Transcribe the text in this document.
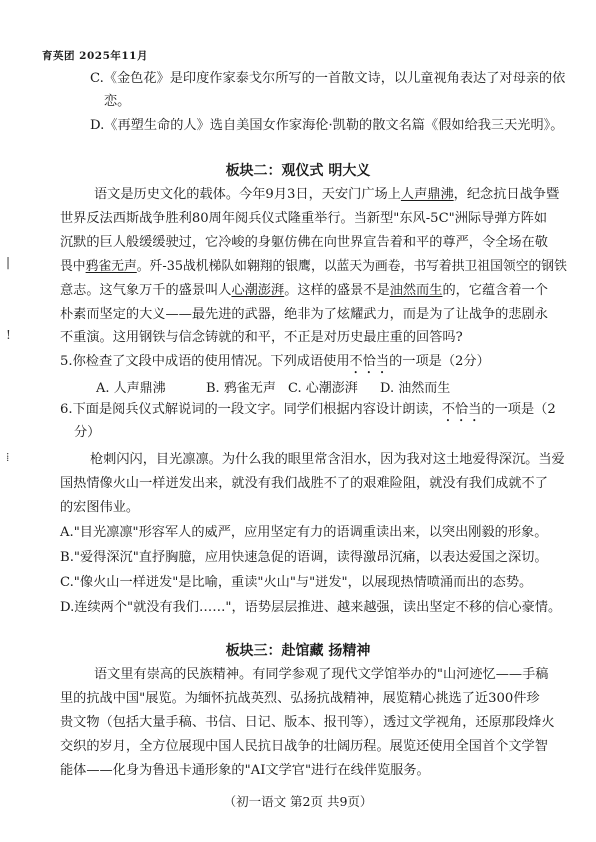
育英团 2025年11月
C.《金色花》是印度作家泰戈尔所写的一首散文诗，以儿童视角表达了对母亲的依
恋。
D.《再塑生命的人》选自美国女作家海伦·凯勒的散文名篇《假如给我三天光明》。
板块二：观仪式 明大义
语文是历史文化的载体。今年9月3日，天安门广场上人声鼎沸，纪念抗日战争暨
世界反法西斯战争胜利80周年阅兵仪式隆重举行。当新型"东风-5C"洲际导弹方阵如
沉默的巨人般缓缓驶过，它冷峻的身躯仿佛在向世界宣告着和平的尊严，令全场在敬
|	畏中鸦雀无声。歼-35战机梯队如翱翔的银鹰，以蓝天为画卷，书写着拱卫祖国领空的钢铁
意志。这气象万千的盛景叫人心潮澎湃。这样的盛景不是油然而生的，它蕴含着一个
朴素而坚定的大义——最先进的武器，绝非为了炫耀武力，而是为了让战争的悲剧永
!	不重演。这用钢铁与信念铸就的和平，不正是对历史最庄重的回答吗?
5.你检查了文段中成语的使用情况。下列成语使用不恰当的一项是（2分）
A. 人声鼎沸	B. 鸦雀无声 C. 心潮澎湃 D. 油然而生
6.下面是阅兵仪式解说词的一段文字。同学们根据内容设计朗读，不恰当的一项是（2
分）
⁞	枪刺闪闪，目光凛凛。为什么我的眼里常含泪水，因为我对这土地爱得深沉。当爱
国热情像火山一样迸发出来，就没有我们战胜不了的艰难险阻，就没有我们成就不了
的宏图伟业。
A."目光凛凛"形容军人的威严，应用坚定有力的语调重读出来，以突出刚毅的形象。
B."爱得深沉"直抒胸臆，应用快速急促的语调，读得激昂沉痛，以表达爱国之深切。
C."像火山一样迸发"是比喻，重读"火山"与"迸发"，以展现热情喷涌而出的态势。
D.连续两个"就没有我们……"，语势层层推进、越来越强，读出坚定不移的信心豪情。
板块三：赴馆藏 扬精神
语文里有崇高的民族精神。有同学参观了现代文学馆举办的"山河迹忆——手稿
里的抗战中国"展览。为缅怀抗战英烈、弘扬抗战精神，展览精心挑选了近300件珍
贵文物（包括大量手稿、书信、日记、版本、报刊等），透过文学视角，还原那段烽火
交织的岁月，全方位展现中国人民抗日战争的壮阔历程。展览还使用全国首个文学智
能体——化身为鲁迅卡通形象的"AI文学官"进行在线伴览服务。
（初一语文 第2页 共9页）
